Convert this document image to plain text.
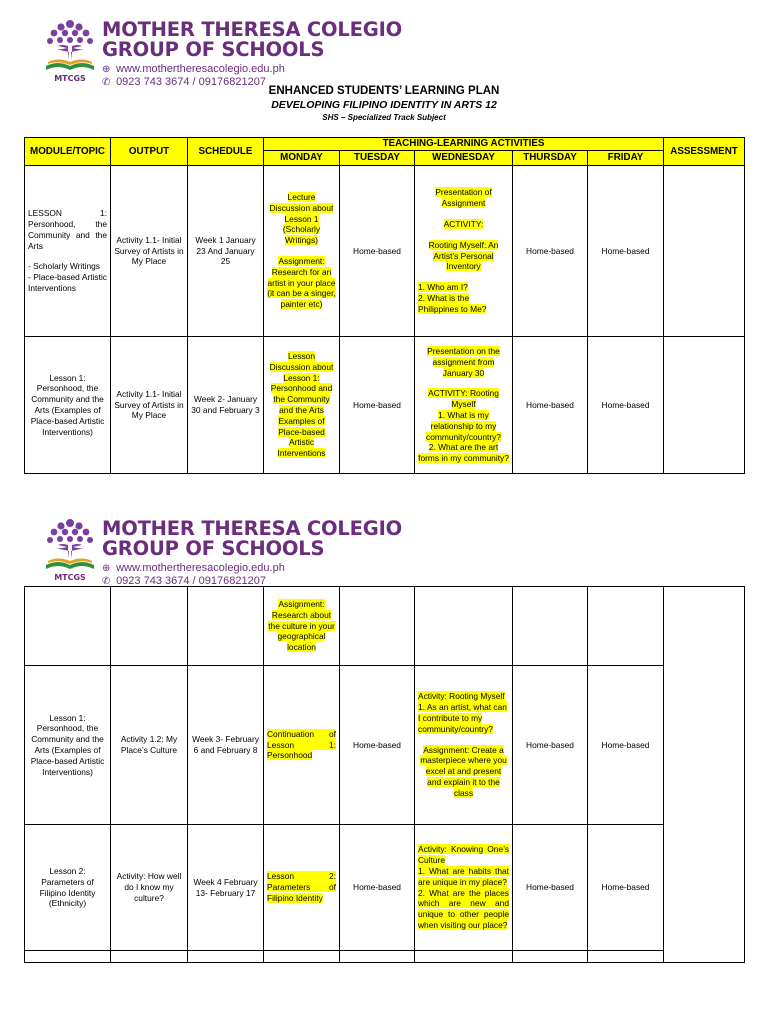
MTCGS
MOTHER THERESA COLEGIO
GROUP OF SCHOOLS
⊕ www.mothertheresacolegio.edu.ph
✆ 0923 743 3674 / 09176821207
ENHANCED STUDENTS’ LEARNING PLAN
DEVELOPING FILIPINO IDENTITY IN ARTS 12
SHS – Specialized Track Subject
MODULE/TOPIC	OUTPUT	SCHEDULE	TEACHING-LEARNING ACTIVITIES					ASSESSMENT
			MONDAY	TUESDAY	WEDNESDAY	THURSDAY	FRIDAY	

LESSON 1: Personhood, the Community and the Arts
- Scholarly Writings
- Place-based Artistic Interventions	Activity 1.1- Initial Survey of Artists in My Place	Week 1 January 23 And January 25	Lecture Discussion about Lesson 1 (Scholarly Writings)
Assignment: Research for an artist in your place (it can be a singer, painter etc)	Home-based	Presentation of Assignment
ACTIVITY:
Rooting Myself: An Artist’s Personal Inventory
1. Who am I?
2. What is the Philippines to Me?	Home-based	Home-based	
Lesson 1: Personhood, the Community and the Arts (Examples of Place-based Artistic Interventions)	Activity 1.1- Initial Survey of Artists in My Place	Week 2- January 30 and February 3	Lesson Discussion about Lesson 1: Personhood and the Community and the Arts Examples of Place-based Artistic Interventions	Home-based	Presentation on the assignment from January 30
ACTIVITY: Rooting Myself
1. What is my relationship to my community/country?
2. What are the art forms in my community?	Home-based	Home-based	
MTCGS
MOTHER THERESA COLEGIO
GROUP OF SCHOOLS
⊕ www.mothertheresacolegio.edu.ph
✆ 0923 743 3674 / 09176821207
			Assignment: Research about the culture in your geographical location					
Lesson 1: Personhood, the Community and the Arts (Examples of Place-based Artistic Interventions)	Activity 1.2: My Place’s Culture	Week 3- February 6 and February 8	Continuation of Lesson 1: Personhood	Home-based	Activity: Rooting Myself
1. As an artist, what can I contribute to my community/country?
Assignment: Create a masterpiece where you excel at and present and explain it to the class	Home-based	Home-based	
Lesson 2: Parameters of Filipino Identity (Ethnicity)	Activity: How well do I know my culture?	Week 4 February 13- February 17	Lesson 2: Parameters of Filipino Identity	Home-based	Activity: Knowing One’s Culture
1. What are habits that are unique in my place?
2. What are the places which are new and unique to other people when visiting our place?	Home-based	Home-based	
